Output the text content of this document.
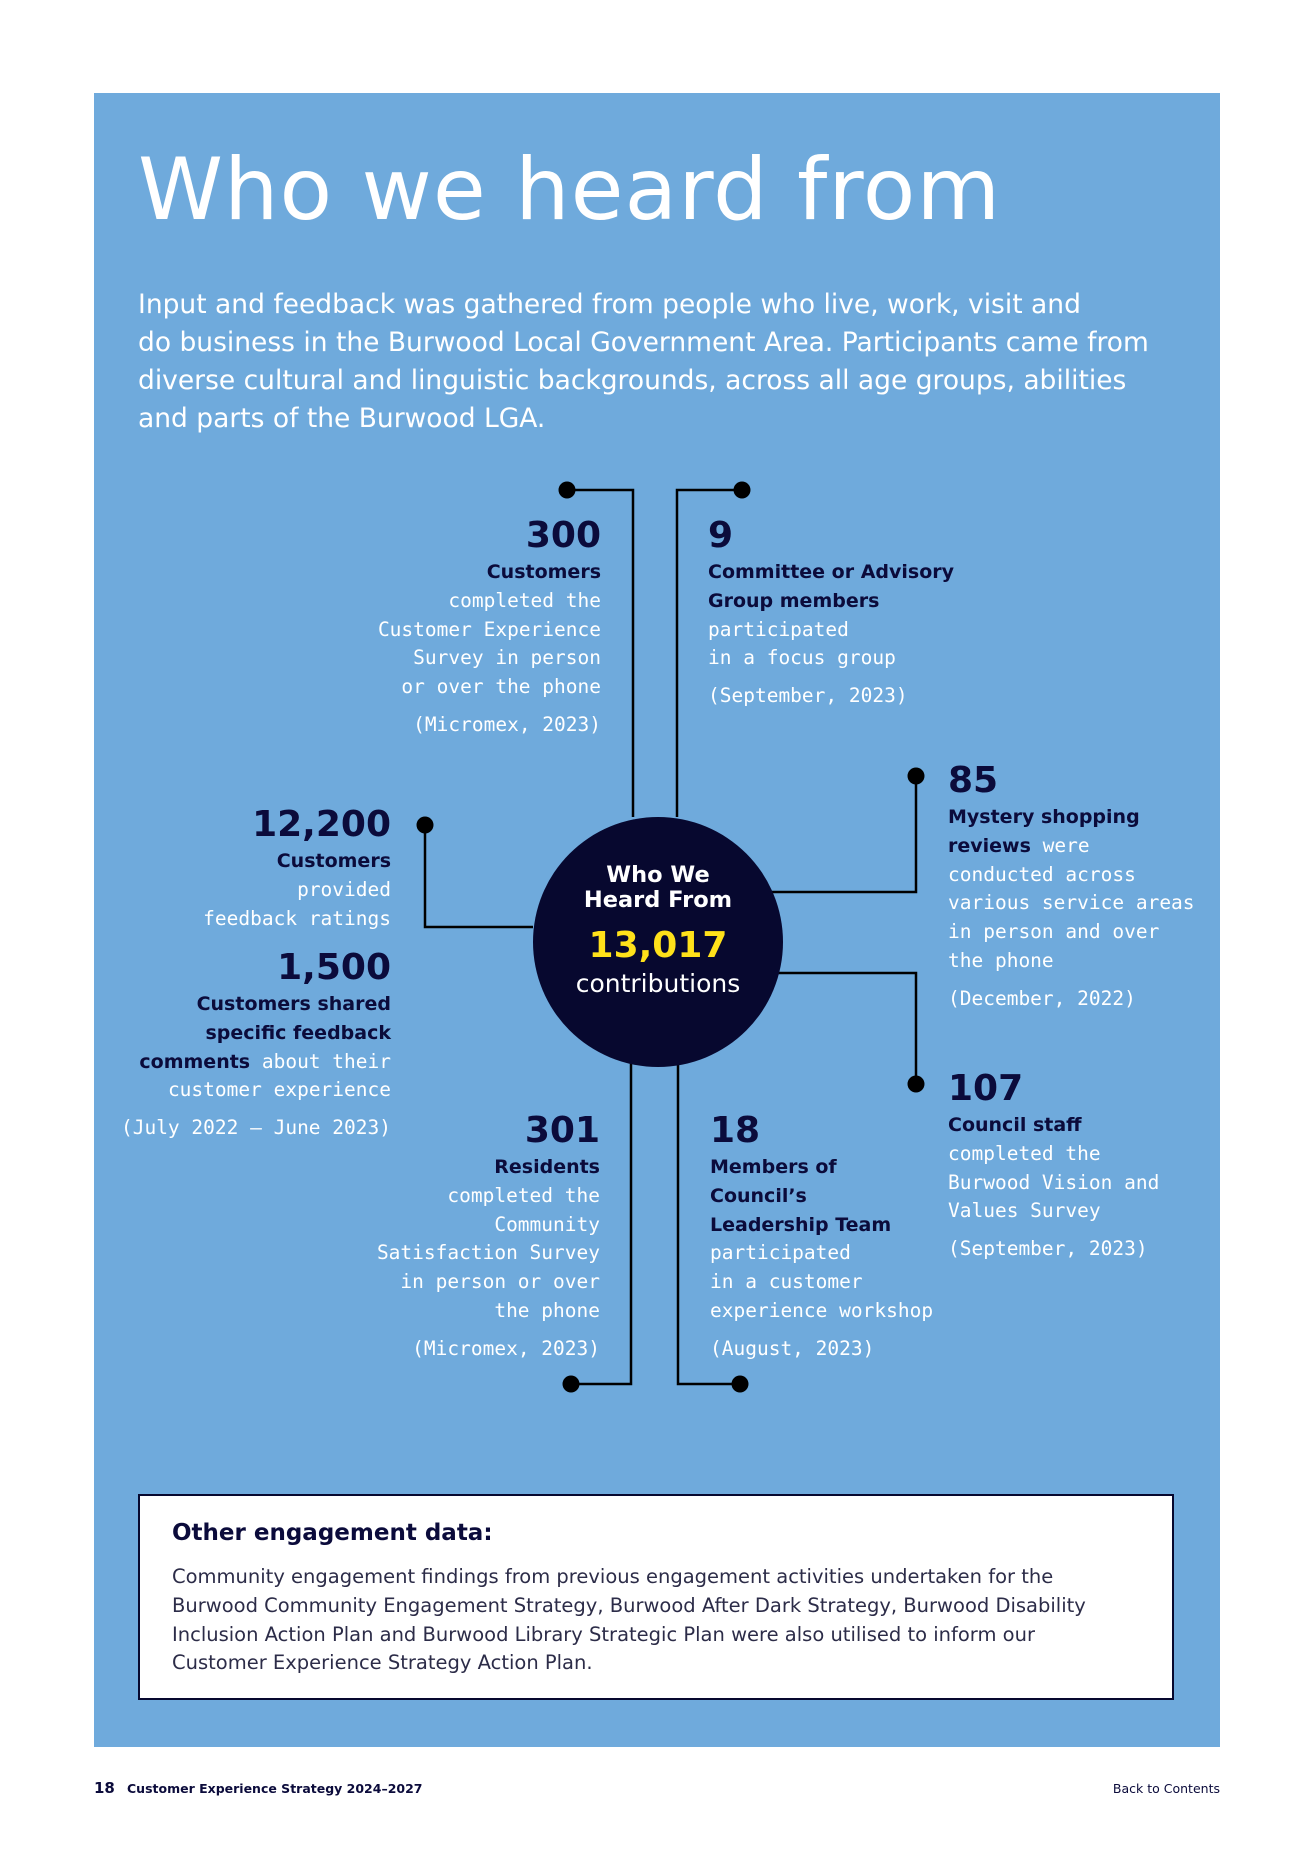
Who we heard from

Input and feedback was gathered from people who live, work, visit and
do business in the Burwood Local Government Area. Participants came from
diverse cultural and linguistic backgrounds, across all age groups, abilities
and parts of the Burwood LGA.

Who We
Heard From
13,017
contributions
300
Customers
completed the
Customer Experience
Survey in person
or over the phone
(Micromex, 2023)
9
Committee or Advisory
Group members
participated
in a focus group
(September, 2023)
85
Mystery shopping
reviews were
conducted across
various service areas
in person and over
the phone
(December, 2022)
12,200
Customers
provided
feedback ratings
1,500
Customers shared
specific feedback
comments about their
customer experience
(July 2022 – June 2023)	301
Residents
completed the
Community
Satisfaction Survey
in person or over
the phone
(Micromex, 2023)
18
Members of
Council’s
Leadership Team
participated
in a customer
experience workshop
(August, 2023)
107
Council staff
completed the
Burwood Vision and
Values Survey
(September, 2023)
Other engagement data:
Community engagement findings from previous engagement activities undertaken for the
Burwood Community Engagement Strategy, Burwood After Dark Strategy, Burwood Disability
Inclusion Action Plan and Burwood Library Strategic Plan were also utilised to inform our
Customer Experience Strategy Action Plan.
18 Customer Experience Strategy 2024–2027	Back to Contents
